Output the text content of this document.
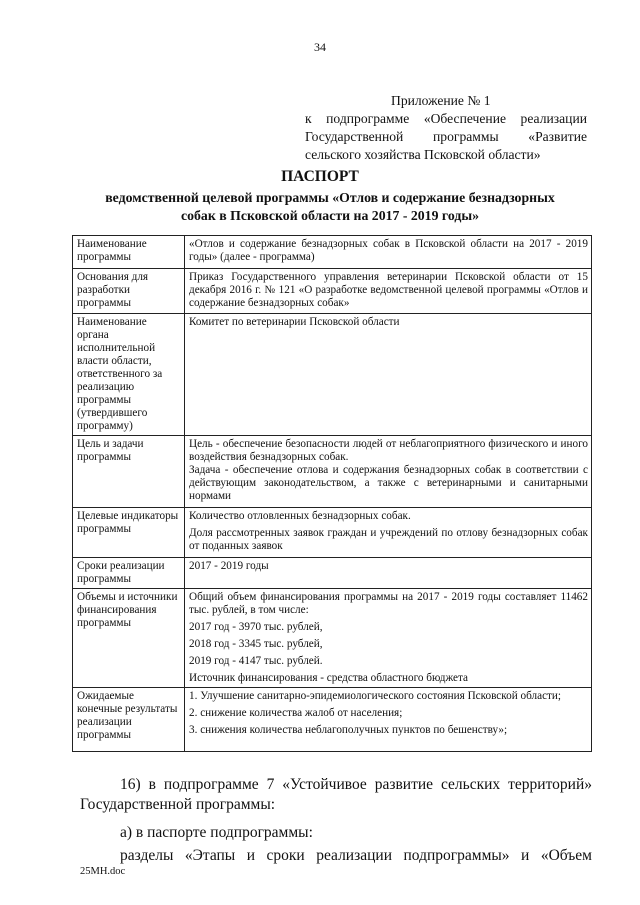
34
Приложение № 1
к подпрограмме «Обеспечение реализации
Государственной программы «Развитие
сельского хозяйства Псковской области»
ПАСПОРТ
ведомственной целевой программы «Отлов и содержание безнадзорных
собак в Псковской области на 2017 - 2019 годы»
Наименование программы	«Отлов и содержание безнадзорных собак в Псковской области на 2017 - 2019 годы» (далее - программа)

Основания для разработки программы	Приказ Государственного управления ветеринарии Псковской области от 15 декабря 2016 г. № 121 «О разработке ведомственной целевой программы «Отлов и содержание безнадзорных собак»

Наименование органа исполнительной власти области, ответственного за реализацию программы (утвердившего программу)	Комитет по ветеринарии Псковской области

Цель и задачи программы	Цель - обеспечение безопасности людей от неблагоприятного физического и иного воздействия безнадзорных собак.
Задача - обеспечение отлова и содержания безнадзорных собак в соответствии с действующим законодательством, а также с ветеринарными и санитарными нормами

Целевые индикаторы программы	Количество отловленных безнадзорных собак.
Доля рассмотренных заявок граждан и учреждений по отлову безнадзорных собак от поданных заявок

Сроки реализации программы	2017 - 2019 годы

Объемы и источники финансирования программы	Общий объем финансирования программы на 2017 - 2019 годы составляет 11462 тыс. рублей, в том числе:
2017 год - 3970 тыс. рублей,
2018 год - 3345 тыс. рублей,
2019 год - 4147 тыс. рублей.
Источник финансирования - средства областного бюджета

Ожидаемые конечные результаты реализации программы	1. Улучшение санитарно-эпидемиологического состояния Псковской области;
2. снижение количества жалоб от населения;
3. снижения количества неблагополучных пунктов по бешенству»;
16) в подпрограмме 7 «Устойчивое развитие сельских территорий»
Государственной программы:
а) в паспорте подпрограммы:
разделы «Этапы и сроки реализации подпрограммы» и «Объем
25МН.doc
